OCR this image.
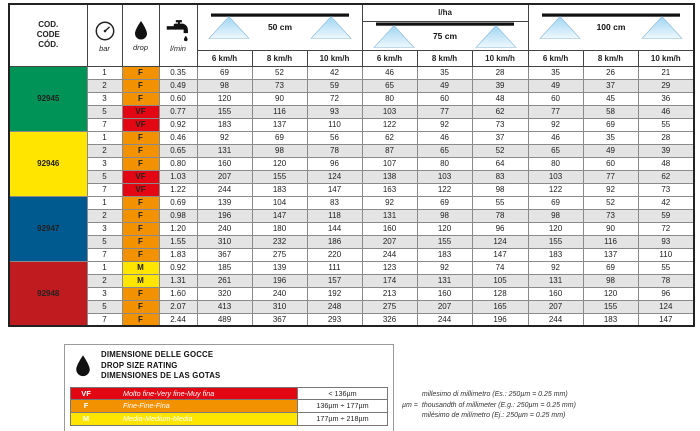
COD.
CODE
CÓD.	bar	drop	l/min	50 cm			l/ha			100 cm		

75 cm					

				6 km/h	8 km/h	10 km/h	6 km/h	8 km/h	10 km/h	6 km/h	8 km/h	10 km/h
92945	1	F	0.35	69	52	42	46	35	28	35	26	21
	2	F	0.49	98	73	59	65	49	39	49	37	29
	3	F	0.60	120	90	72	80	60	48	60	45	36
	5	VF	0.77	155	116	93	103	77	62	77	58	46
	7	VF	0.92	183	137	110	122	92	73	92	69	55
92946	1	F	0.46	92	69	56	62	46	37	46	35	28
	2	F	0.65	131	98	78	87	65	52	65	49	39
	3	F	0.80	160	120	96	107	80	64	80	60	48
	5	VF	1.03	207	155	124	138	103	83	103	77	62
	7	VF	1.22	244	183	147	163	122	98	122	92	73
92947	1	F	0.69	139	104	83	92	69	55	69	52	42
	2	F	0.98	196	147	118	131	98	78	98	73	59
	3	F	1.20	240	180	144	160	120	96	120	90	72
	5	F	1.55	310	232	186	207	155	124	155	116	93
	7	F	1.83	367	275	220	244	183	147	183	137	110
92948	1	M	0.92	185	139	111	123	92	74	92	69	55
	2	M	1.31	261	196	157	174	131	105	131	98	78
	3	F	1.60	320	240	192	213	160	128	160	120	96
	5	F	2.07	413	310	248	275	207	165	207	155	124
	7	F	2.44	489	367	293	326	244	196	244	183	147
DIMENSIONE DELLE GOCCE
DROP SIZE RATING
DIMENSIONES DE LAS GOTAS
VF	Molto fine-Very fine-Muy fina	< 136µm
F	Fine-Fine-Fina	136µm ÷ 177µm
M	Media-Medium-Media	177µm ÷ 218µm
µm =
millesimo di millimetro (Es.: 250µm = 0.25 mm)
thousandth of millimeter (E.g.: 250µm = 0.25 mm)
milésimo de milímetro (Ej.: 250µm = 0.25 mm)
